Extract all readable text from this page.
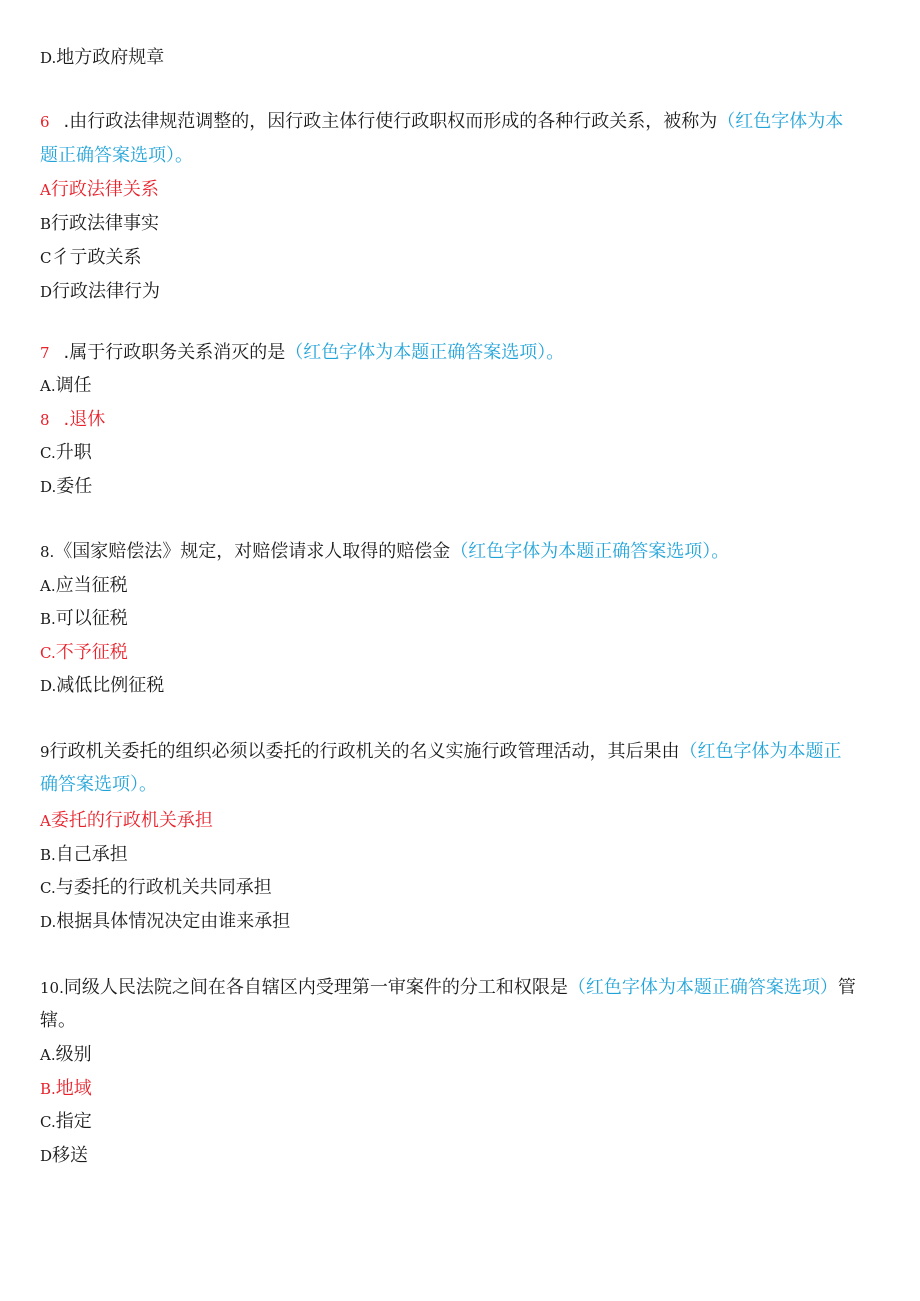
D.地方政府规章
6 .由行政法律规范调整的，因行政主体行使行政职权而形成的各种行政关系，被称为（红色字体为本
题正确答案选项）。
A行政法律关系
B行政法律事实
C彳亍政关系
D行政法律行为
7 .属于行政职务关系消灭的是（红色字体为本题正确答案选项）。
A.调任
8 .退休
C.升职
D.委任
8.《国家赔偿法》规定，对赔偿请求人取得的赔偿金（红色字体为本题正确答案选项）。
A.应当征税
B.可以征税
C.不予征税
D.减低比例征税
9行政机关委托的组织必须以委托的行政机关的名义实施行政管理活动，其后果由（红色字体为本题正
确答案选项）。
A委托的行政机关承担
B.自己承担
C.与委托的行政机关共同承担
D.根据具体情况决定由谁来承担
10.同级人民法院之间在各自辖区内受理第一审案件的分工和权限是（红色字体为本题正确答案选项）管
辖。
A.级别
B.地域
C.指定
D移送
